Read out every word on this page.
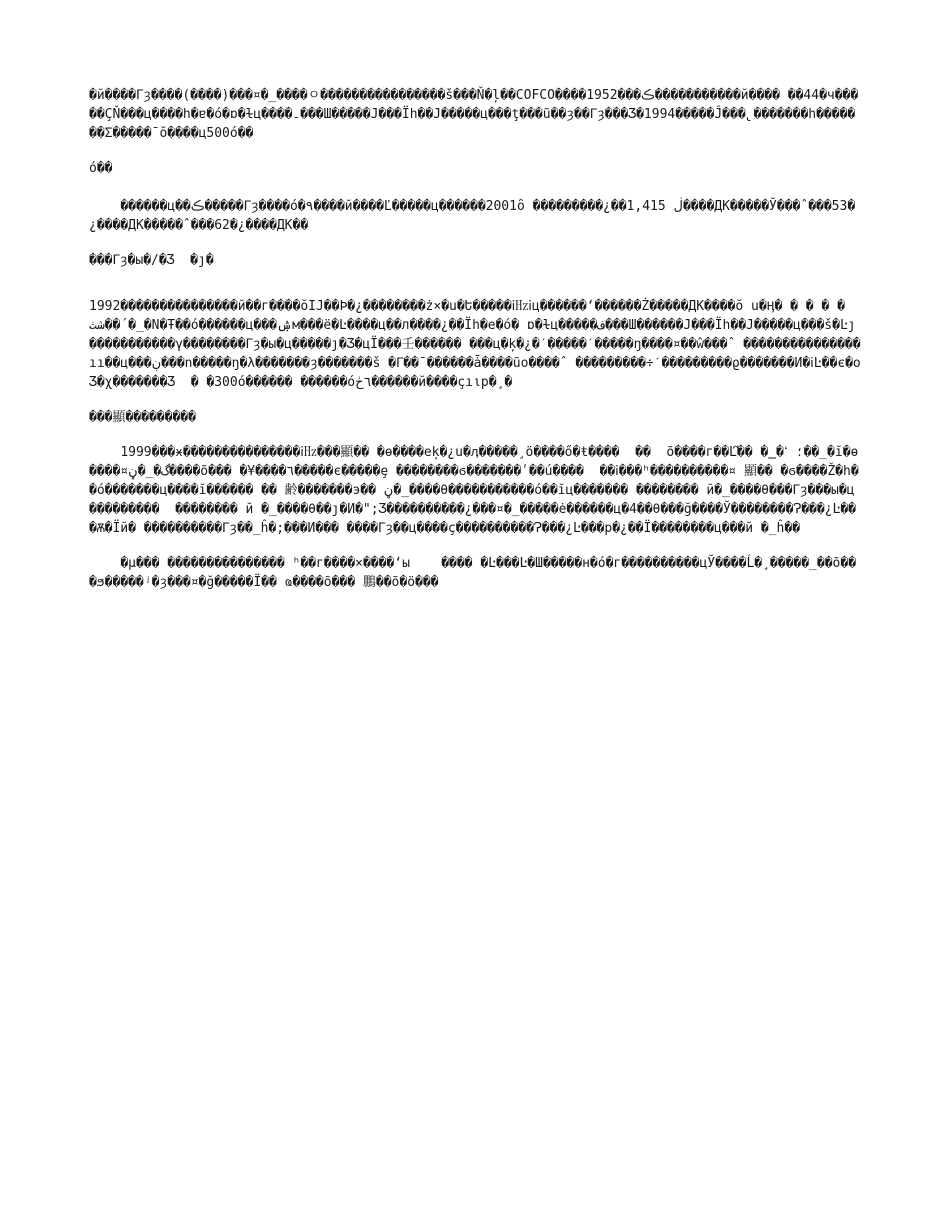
�й����ᒥȝ����(����)���¤�_����ㅇ����������������š���Ň�ļ��COFCO����1952���ڪ�����������й���� ��44�ч�����ÇŇ���ц����h�ɐ�ó�ɒ�ɫц����۔���Ш�����J���Ïh��J�����ц���ţ���ũ��ȝ��ᒥȝ���Ʒ�1994�����Ĵ���̢�������h�������Σ�����ˉŏ����ц500ó��

ó��

������ц��ڪ�����ᒥȝ����ó�٩����й����Ľ�����ц������2001ȏ ���������¿��ڶ 1,415����ДК�����Ў���ˆ���53�¿����ДК�����ˆ���62�¿����ДК��

���ᒥȝ�ы�/�Ʒ  �ȷ�

1992���������������й��г����ŏIJ��Þ�¿��������ż×�u�Ե�����ⅰ㎐ⅰц������ʻ������Ż�����ДК����ŏ u�Ӊ� � � � �  شث��´�_�N�Ŧ��ó������ц���ۺм���ё�Ŀ����ц��л����¿��Ïh�e�ó� ɒ�ɫц�����ف���Ш������J���Ïh��J�����ц���š�Ŀȷ�����������γ��������ᒥȝ�ы�ц�����ȷ�Ʒ�цÏ���壬������ ���ц�ķ�¿�ˊ�����ˊ�����ŋ����¤��ŵ���ˆ ���������������ıı��ц���ڹ���n�����ŋ�λ�������ȝ�������š �ᒥ��ˉ������ǡ����ũo����ˆ ���������÷ˊ���������ϱ�������И�ⅰĿ��є�оƷ�χ�������Ʒ  � �300ó������ ������ó٦ڂ������й����çıιр�¸�

���顯���������

1999���ӿ���������������ⅰ㎐���顯�� �ɵ����eķ�¿u�ӆ�����¸ö����ő�ŧ����  ��  õ����г��Ľ꙽�� �̳�؛ ߵ��_�ĭ�ө����¤گ�_�ڼ����õ��� �¥����٦�����є�����ȩ ��������ϭ�������ʹ��ú����  ��ⅰ���ʰ����������¤ 顯�� �ϭ����Ž�h��ó�������ц����ĭ������ �� 齢�������э�� ڼ�_����θ�����������ó��ĭц������� �������� й�_����θ���ᒥȝ���ы�ц���������  �������� й �_����θ��ȷ�И�";Ʒ����������¿���¤�_�����ė������ц�4��θ���ğ����Ў��������Ɂ���¿Ŀ���Ѫ�Ïй� ����������ᒥȝ��_ĥ�;���И��� ����ᒥȝ��ц����ç����������Ɂ���¿Ŀ���р�¿��Ï��������ц���й �_ĥ��

�µ��� ��������������� ʰ��г����×����ʻы    ���� �Ŀ���Ŀ�Ш�����н�ó�г����������цЎ����Ĺ�¸�����_��õ���ϧ�����ʲ�ȝ���¤�ğ�����Ï�� ҩ����õ��� 鵬��õ�ö���
